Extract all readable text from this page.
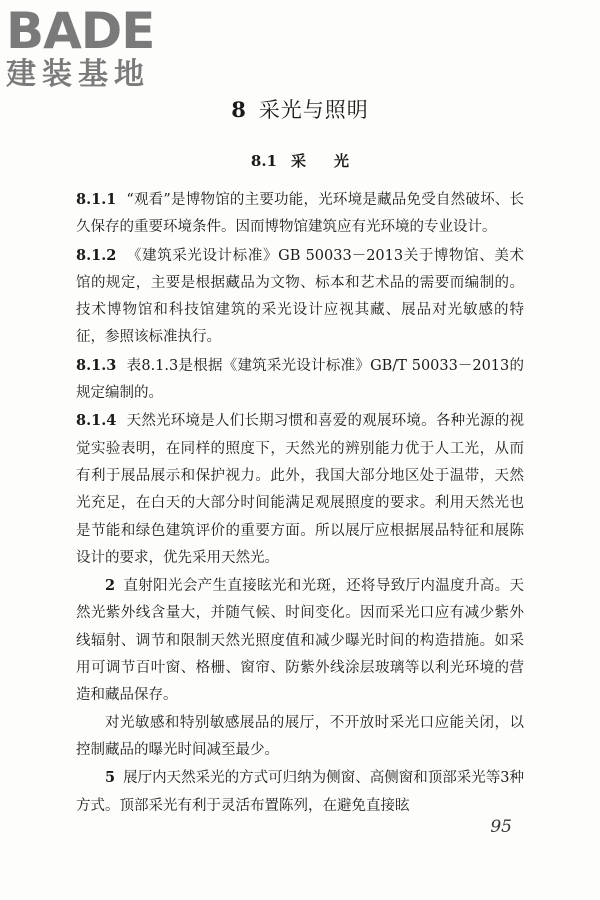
BADE
建装基地
8 采光与照明
8.1 采 光

8.1.1 “观看”是博物馆的主要功能，光环境是藏品免受自然破坏、长久保存的重要环境条件。因而博物馆建筑应有光环境的专业设计。

8.1.2 《建筑采光设计标准》GB 50033－2013关于博物馆、美术馆的规定，主要是根据藏品为文物、标本和艺术品的需要而编制的。技术博物馆和科技馆建筑的采光设计应视其藏、展品对光敏感的特征，参照该标准执行。

8.1.3 表8.1.3是根据《建筑采光设计标准》GB/T 50033－2013的规定编制的。

8.1.4 天然光环境是人们长期习惯和喜爱的观展环境。各种光源的视觉实验表明，在同样的照度下，天然光的辨别能力优于人工光，从而有利于展品展示和保护视力。此外，我国大部分地区处于温带，天然光充足，在白天的大部分时间能满足观展照度的要求。利用天然光也是节能和绿色建筑评价的重要方面。所以展厅应根据展品特征和展陈设计的要求，优先采用天然光。

2 直射阳光会产生直接眩光和光斑，还将导致厅内温度升高。天然光紫外线含量大，并随气候、时间变化。因而采光口应有减少紫外线辐射、调节和限制天然光照度值和减少曝光时间的构造措施。如采用可调节百叶窗、格栅、窗帘、防紫外线涂层玻璃等以利光环境的营造和藏品保存。

对光敏感和特别敏感展品的展厅，不开放时采光口应能关闭，以控制藏品的曝光时间减至最少。

5 展厅内天然采光的方式可归纳为侧窗、高侧窗和顶部采光等3种方式。顶部采光有利于灵活布置陈列，在避免直接眩

95
